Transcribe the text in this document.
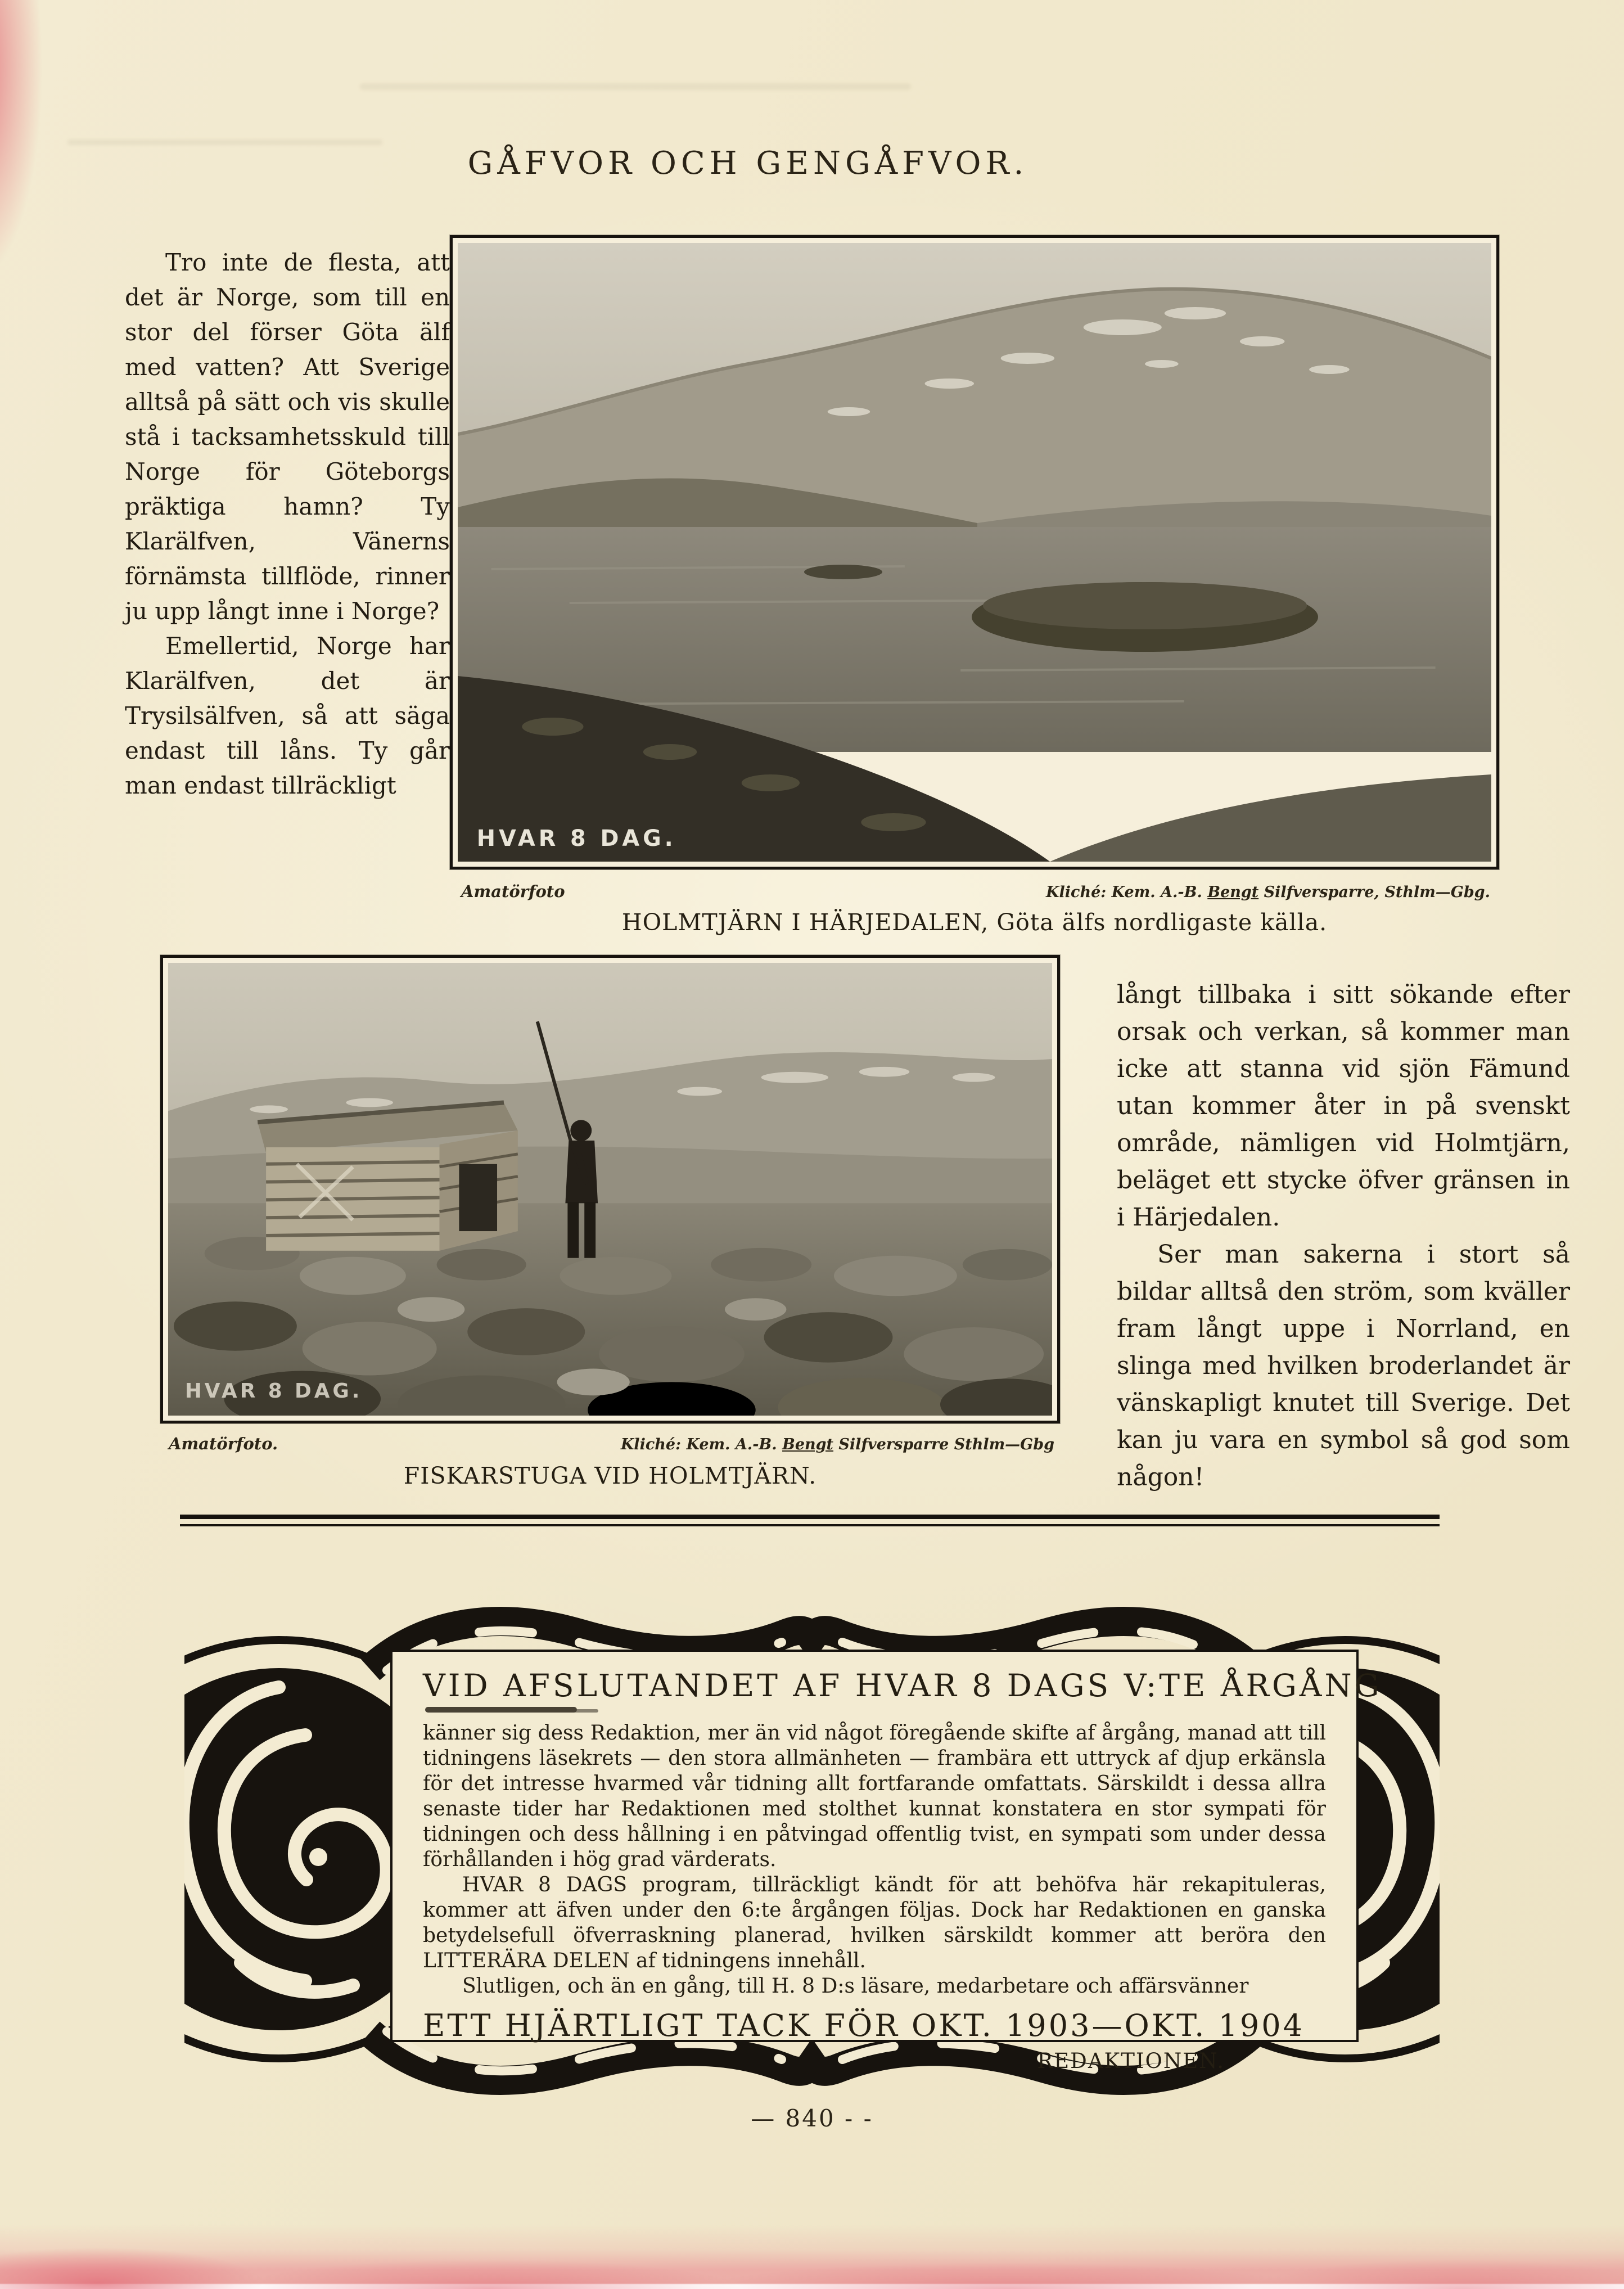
GÅFVOR OCH GENGÅFVOR.

Tro inte de flesta, att det är Norge, som till en stor del förser Göta älf med vatten? Att Sverige alltså på sätt och vis skulle stå i tacksamhetsskuld till Norge för Göteborgs präktiga hamn? Ty Klarälfven, Vänerns förnämsta tillflöde, rinner ju upp långt inne i Norge?

Emellertid, Norge har Klarälfven, det är Trysilsälfven, så att säga endast till låns. Ty går man endast tillräckligt

HVAR 8 DAG.
Amatörfoto	Kliché: Kem. A.-B. Bengt Silfversparre, Sthlm—Gbg.
HOLMTJÄRN I HÄRJEDALEN, Göta älfs nordligaste källa.
HVAR 8 DAG.
Amatörfoto.	Kliché: Kem. A.-B. Bengt Silfversparre Sthlm—Gbg
FISKARSTUGA VID HOLMTJÄRN.

långt tillbaka i sitt sökande efter orsak och verkan, så kommer man icke att stanna vid sjön Fämund utan kommer åter in på svenskt område, nämligen vid Holmtjärn, beläget ett stycke öfver gränsen in i Härjedalen.

Ser man sakerna i stort så bildar alltså den ström, som kväller fram långt uppe i Norrland, en slinga med hvilken broderlandet är vänskapligt knutet till Sverige. Det kan ju vara en symbol så god som någon!

VID AFSLUTANDET AF HVAR 8 DAGS V:TE ÅRGÅNG

känner sig dess Redaktion, mer än vid något föregående skifte af årgång, manad att till tidningens läsekrets — den stora allmänheten — frambära ett uttryck af djup erkänsla för det intresse hvarmed vår tidning allt fortfarande omfattats. Särskildt i dessa allra senaste tider har Redaktionen med stolthet kunnat konstatera en stor sympati för tidningen och dess hållning i en påtvingad offentlig tvist, en sympati som under dessa förhållanden i hög grad värderats.

HVAR 8 DAGS program, tillräckligt kändt för att behöfva här rekapituleras, kommer att äfven under den 6:te årgången följas. Dock har Redaktionen en ganska betydelsefull öfverraskning planerad, hvilken särskildt kommer att beröra den LITTERÄRA DELEN af tidningens innehåll.

Slutligen, och än en gång, till H. 8 D:s läsare, medarbetare och affärsvänner

ETT HJÄRTLIGT TACK FÖR OKT. 1903—OKT. 1904
REDAKTIONEN.
— 840 - -
